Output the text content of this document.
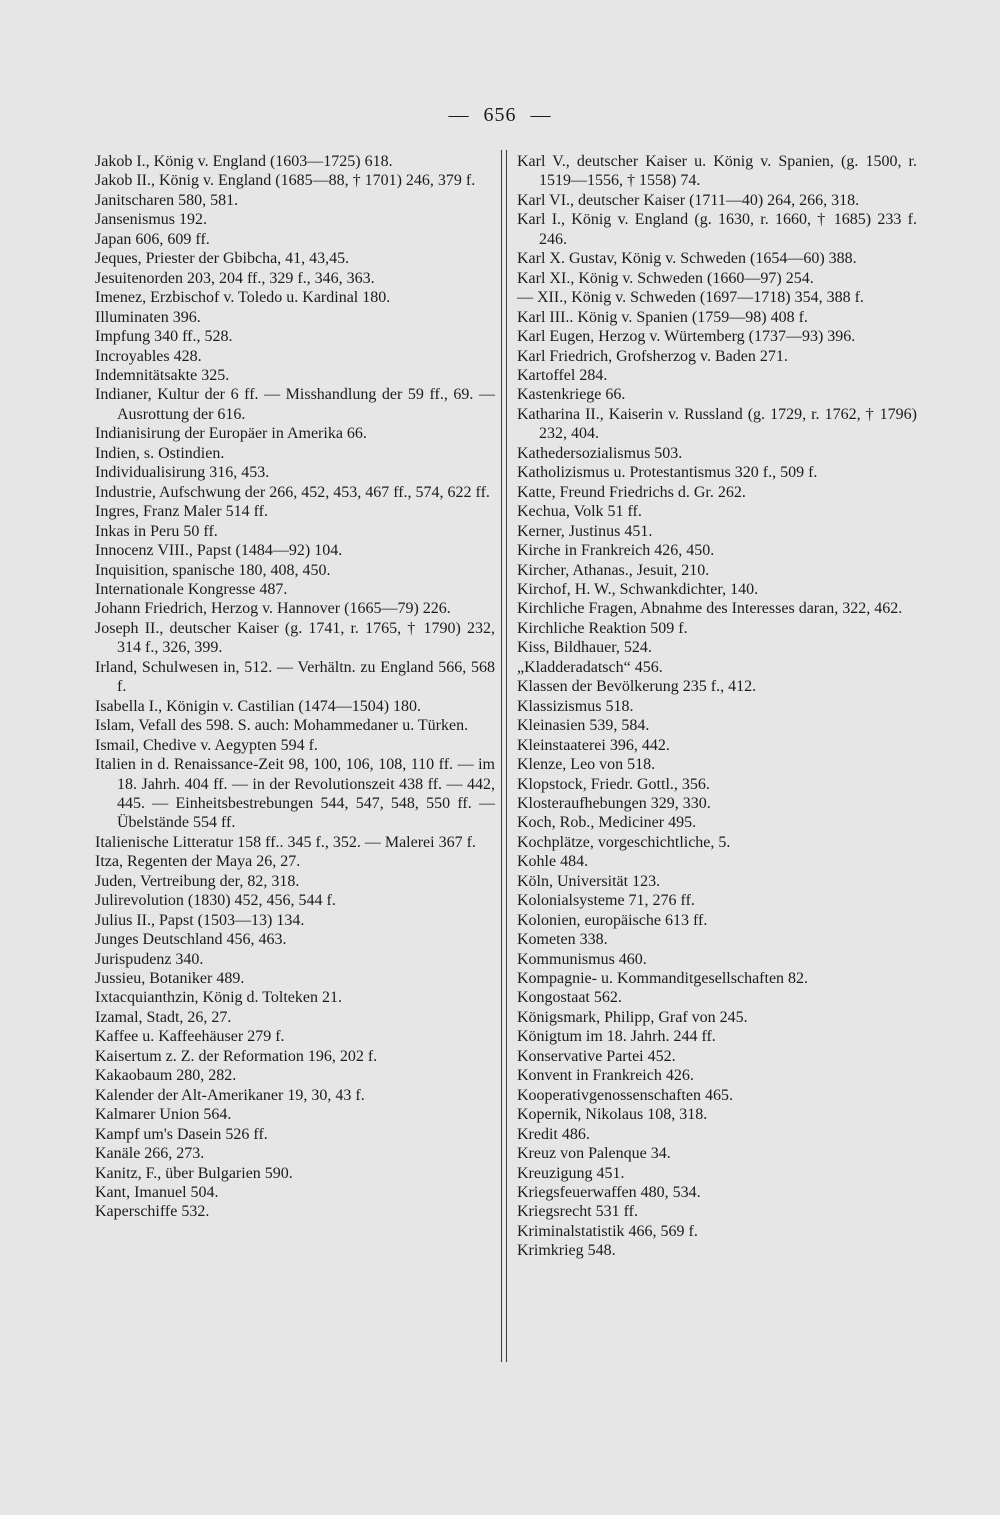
— 656 —

Jakob I., König v. England (1603—1725) 618.

Jakob II., König v. England (1685—88, † 1701) 246, 379 f.

Janitscharen 580, 581.

Jansenismus 192.

Japan 606, 609 ff.

Jeques, Priester der Gbibcha, 41, 43,45.

Jesuitenorden 203, 204 ff., 329 f., 346, 363.

Imenez, Erzbischof v. Toledo u. Kardinal 180.

Illuminaten 396.

Impfung 340 ff., 528.

Incroyables 428.

Indemnitätsakte 325.

Indianer, Kultur der 6 ff. — Misshandlung der 59 ff., 69. — Ausrottung der 616.

Indianisirung der Europäer in Amerika 66.

Indien, s. Ostindien.

Individualisirung 316, 453.

Industrie, Aufschwung der 266, 452, 453, 467 ff., 574, 622 ff.

Ingres, Franz Maler 514 ff.

Inkas in Peru 50 ff.

Innocenz VIII., Papst (1484—92) 104.

Inquisition, spanische 180, 408, 450.

Internationale Kongresse 487.

Johann Friedrich, Herzog v. Hannover (1665—79) 226.

Joseph II., deutscher Kaiser (g. 1741, r. 1765, † 1790) 232, 314 f., 326, 399.

Irland, Schulwesen in, 512. — Verhältn. zu England 566, 568 f.

Isabella I., Königin v. Castilian (1474—1504) 180.

Islam, Vefall des 598. S. auch: Mohammedaner u. Türken.

Ismail, Chedive v. Aegypten 594 f.

Italien in d. Renaissance-Zeit 98, 100, 106, 108, 110 ff. — im 18. Jahrh. 404 ff. — in der Revolutionszeit 438 ff. — 442, 445. — Einheitsbestrebungen 544, 547, 548, 550 ff. — Übelstände 554 ff.

Italienische Litteratur 158 ff.. 345 f., 352. — Malerei 367 f.

Itza, Regenten der Maya 26, 27.

Juden, Vertreibung der, 82, 318.

Julirevolution (1830) 452, 456, 544 f.

Julius II., Papst (1503—13) 134.

Junges Deutschland 456, 463.

Jurispudenz 340.

Jussieu, Botaniker 489.

Ixtacquianthzin, König d. Tolteken 21.

Izamal, Stadt, 26, 27.

Kaffee u. Kaffeehäuser 279 f.

Kaisertum z. Z. der Reformation 196, 202 f.

Kakaobaum 280, 282.

Kalender der Alt-Amerikaner 19, 30, 43 f.

Kalmarer Union 564.

Kampf um's Dasein 526 ff.

Kanäle 266, 273.

Kanitz, F., über Bulgarien 590.

Kant, Imanuel 504.

Kaperschiffe 532.

Karl V., deutscher Kaiser u. König v. Spanien, (g. 1500, r. 1519—1556, † 1558) 74.

Karl VI., deutscher Kaiser (1711—40) 264, 266, 318.

Karl I., König v. England (g. 1630, r. 1660, † 1685) 233 f. 246.

Karl X. Gustav, König v. Schweden (1654—60) 388.

Karl XI., König v. Schweden (1660—97) 254.

— XII., König v. Schweden (1697—1718) 354, 388 f.

Karl III.. König v. Spanien (1759—98) 408 f.

Karl Eugen, Herzog v. Würtemberg (1737—93) 396.

Karl Friedrich, Grofsherzog v. Baden 271.

Kartoffel 284.

Kastenkriege 66.

Katharina II., Kaiserin v. Russland (g. 1729, r. 1762, † 1796) 232, 404.

Kathedersozialismus 503.

Katholizismus u. Protestantismus 320 f., 509 f.

Katte, Freund Friedrichs d. Gr. 262.

Kechua, Volk 51 ff.

Kerner, Justinus 451.

Kirche in Frankreich 426, 450.

Kircher, Athanas., Jesuit, 210.

Kirchof, H. W., Schwankdichter, 140.

Kirchliche Fragen, Abnahme des Interesses daran, 322, 462.

Kirchliche Reaktion 509 f.

Kiss, Bildhauer, 524.

„Kladderadatsch“ 456.

Klassen der Bevölkerung 235 f., 412.

Klassizismus 518.

Kleinasien 539, 584.

Kleinstaaterei 396, 442.

Klenze, Leo von 518.

Klopstock, Friedr. Gottl., 356.

Klosteraufhebungen 329, 330.

Koch, Rob., Mediciner 495.

Kochplätze, vorgeschichtliche, 5.

Kohle 484.

Köln, Universität 123.

Kolonialsysteme 71, 276 ff.

Kolonien, europäische 613 ff.

Kometen 338.

Kommunismus 460.

Kompagnie- u. Kommanditgesellschaften 82.

Kongostaat 562.

Königsmark, Philipp, Graf von 245.

Königtum im 18. Jahrh. 244 ff.

Konservative Partei 452.

Konvent in Frankreich 426.

Kooperativgenossenschaften 465.

Kopernik, Nikolaus 108, 318.

Kredit 486.

Kreuz von Palenque 34.

Kreuzigung 451.

Kriegsfeuerwaffen 480, 534.

Kriegsrecht 531 ff.

Kriminalstatistik 466, 569 f.

Krimkrieg 548.
